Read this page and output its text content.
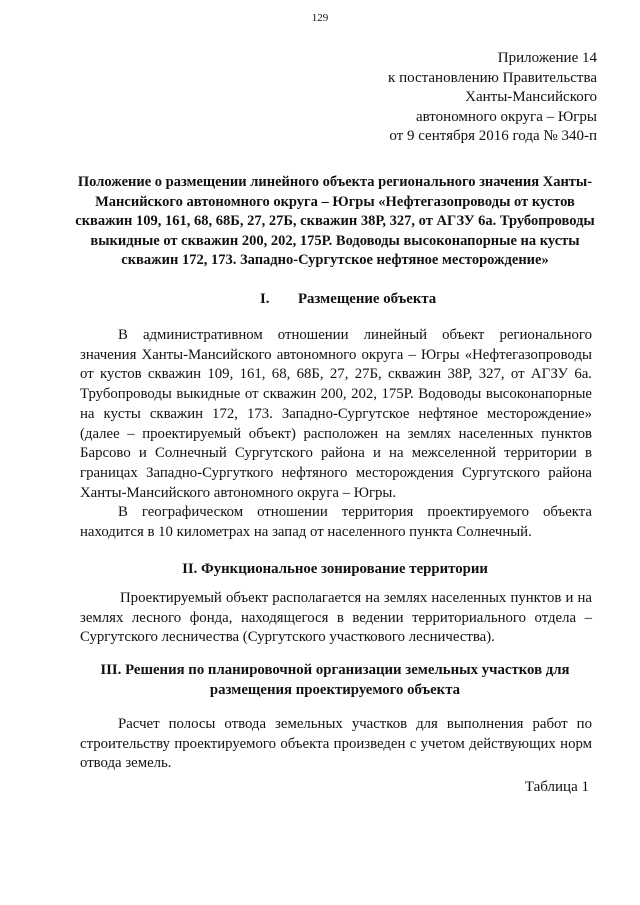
129
Приложение 14
к постановлению Правительства
Ханты-Мансийского
автономного округа – Югры
от 9 сентября 2016 года № 340-п
Положение о размещении линейного объекта регионального значения Ханты-Мансийского автономного округа – Югры «Нефтегазопроводы от кустов скважин 109, 161, 68, 68Б, 27, 27Б, скважин 38Р, 327, от АГЗУ 6а. Трубопроводы выкидные от скважин 200, 202, 175Р. Водоводы высоконапорные на кусты скважин 172, 173. Западно-Сургутское нефтяное месторождение»
I. Размещение объекта
В административном отношении линейный объект регионального значения Ханты-Мансийского автономного округа – Югры «Нефтегазопроводы от кустов скважин 109, 161, 68, 68Б, 27, 27Б, скважин 38Р, 327, от АГЗУ 6а. Трубопроводы выкидные от скважин 200, 202, 175Р. Водоводы высоконапорные на кусты скважин 172, 173. Западно-Сургутское нефтяное месторождение» (далее – проектируемый объект) расположен на землях населенных пунктов Барсово и Солнечный Сургутского района и на межселенной территории в границах Западно-Сургуткого нефтяного месторождения Сургутского района Ханты-Мансийского автономного округа – Югры.
В географическом отношении территория проектируемого объекта находится в 10 километрах на запад от населенного пункта Солнечный.
II. Функциональное зонирование территории
Проектируемый объект располагается на землях населенных пунктов и на землях лесного фонда, находящегося в ведении территориального отдела – Сургутского лесничества (Сургутского участкового лесничества).
III. Решения по планировочной организации земельных участков для
размещения проектируемого объекта
Расчет полосы отвода земельных участков для выполнения работ по строительству проектируемого объекта произведен с учетом действующих норм отвода земель.
Таблица 1
